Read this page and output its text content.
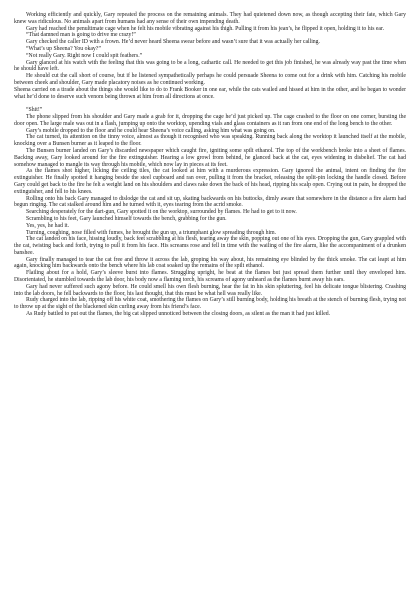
Working efficiently and quickly, Gary repeated the process on the remaining animals. They had quietened down now, as though accepting their fate, which Gary knew was ridiculous. No animals apart from humans had any sense of their own impending death.

Gary had reached the penultimate cage when he felt his mobile vibrating against his thigh. Pulling it from his jean’s, he flipped it open, holding it to his ear.

“That damned man is going to drive me crazy!”

Gary checked the caller ID with a frown. He’d never heard Sheena swear before and wasn’t sure that it was actually her calling.

“What’s up Sheena? You okay?”

“Not really Gary. Right now I could spit feathers.”

Gary glanced at his watch with the feeling that this was going to be a long, cathartic call. He needed to get this job finished, he was already way past the time when he should have left.

He should cut the call short of course, but if he listened sympathetically perhaps he could persuade Sheena to come out for a drink with him. Catching his mobile between cheek and shoulder, Gary made placatory noises as he continued working.

Sheena carried on a tirade about the things she would like to do to Frank Booker in one ear, while the cats wailed and hissed at him in the other, and he began to wonder what he’d done to deserve such venom being thrown at him from all directions at once.

“Shit!”

The phone slipped from his shoulder and Gary made a grab for it, dropping the cage he’d just picked up. The cage crashed to the floor on one corner, bursting the door open. The large male was out in a flash, jumping up onto the worktop, upending vials and glass containers as it ran from one end of the long bench to the other.

Gary’s mobile dropped to the floor and he could hear Sheena’s voice calling, asking him what was going on.

The cat turned, its attention on the tinny voice, almost as though it recognised who was speaking. Running back along the worktop it launched itself at the mobile, knocking over a Bunsen burner as it leaped to the floor.

The Bunsen burner landed on Gary’s discarded newspaper which caught fire, igniting some spilt ethanol. The top of the workbench broke into a sheet of flames. Backing away, Gary looked around for the fire extinguisher. Hearing a low growl from behind, he glanced back at the cat, eyes widening in disbelief. The cat had somehow managed to mangle its way through his mobile, which now lay in pieces at its feet.

As the flames shot higher, licking the ceiling tiles, the cat looked at him with a murderous expression. Gary ignored the animal, intent on finding the fire extinguisher. He finally spotted it hanging beside the steel cupboard and ran over, pulling it from the bracket, releasing the split-pin locking the handle closed. Before Gary could get back to the fire he felt a weight land on his shoulders and claws rake down the back of his head, ripping his scalp open. Crying out in pain, he dropped the extinguisher, and fell to his knees.

Rolling onto his back Gary managed to dislodge the cat and sit up, skating backwards on his buttocks, dimly aware that somewhere in the distance a fire alarm had begun ringing. The cat stalked around him and he turned with it, eyes tearing from the acrid smoke.

Searching desperately for the dart-gun, Gary spotted it on the worktop, surrounded by flames. He had to get to it now.

Scrambling to his feet, Gary launched himself towards the bench, grabbing for the gun.

Yes, yes, he had it.

Turning, coughing, nose filled with fumes, he brought the gun up, a triumphant glow spreading through him.

The cat landed on his face, hissing loudly, back feet scrabbling at his flesh, tearing away the skin, popping out one of his eyes. Dropping the gun, Gary grappled with the cat, twisting back and forth, trying to pull it from his face. His screams rose and fell in time with the wailing of the fire alarm, like the accompaniment of a drunken banshee.

Gary finally managed to tear the cat free and throw it across the lab, groping his way about, his remaining eye blinded by the thick smoke. The cat leapt at him again, knocking him backwards onto the bench where his lab coat soaked up the remains of the spilt ethanol.

Flailing about for a hold, Gary’s sleeve burst into flames. Struggling upright, he beat at the flames but just spread them further until they enveloped him. Disorientated, he stumbled towards the lab door, his body now a flaming torch, his screams of agony unheard as the flames burnt away his ears.

Gary had never suffered such agony before. He could smell his own flesh burning, hear the fat in his skin spluttering, feel his delicate tongue blistering. Crashing into the lab doors, he fell backwards to the floor, his last thought, that this must be what hell was really like.

Rudy charged into the lab, ripping off his white coat, smothering the flames on Gary’s still burning body, holding his breath at the stench of burning flesh, trying not to throw up at the sight of the blackened skin curling away from his friend’s face.

As Rudy battled to put out the flames, the big cat slipped unnoticed between the closing doors, as silent as the man it had just killed.
